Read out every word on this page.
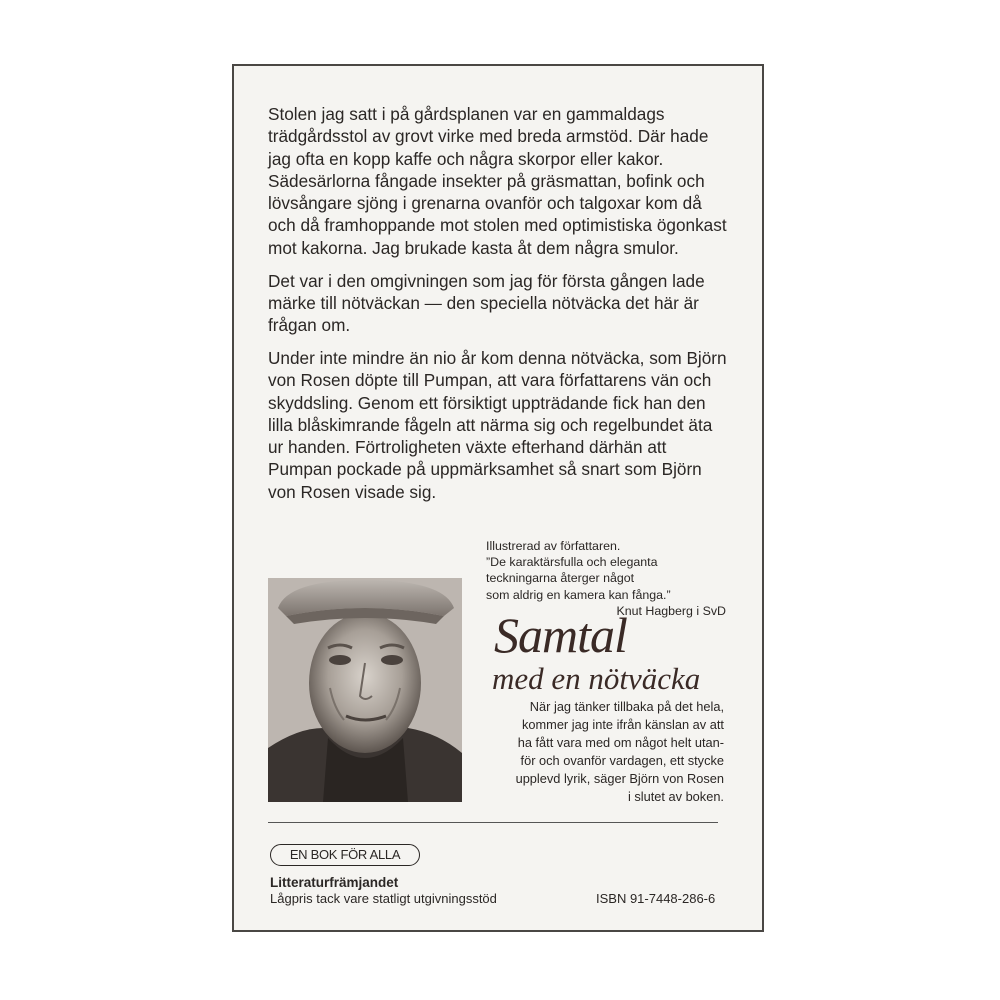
Stolen jag satt i på gårdsplanen var en gammaldags trädgårdsstol av grovt virke med breda armstöd. Där hade jag ofta en kopp kaffe och några skorpor eller kakor. Sädesärlorna fångade insekter på gräsmattan, bofink och lövsångare sjöng i grenarna ovanför och talgoxar kom då och då framhoppande mot stolen med optimistiska ögonkast mot kakorna. Jag brukade kasta åt dem några smulor.

Det var i den omgivningen som jag för första gången lade märke till nötväckan — den speciella nötväcka det här är frågan om.

Under inte mindre än nio år kom denna nötväcka, som Björn von Rosen döpte till Pumpan, att vara författarens vän och skyddsling. Genom ett försiktigt uppträdande fick han den lilla blåskimrande fågeln att närma sig och regelbundet äta ur handen. Förtroligheten växte efterhand därhän att Pumpan pockade på uppmärksamhet så snart som Björn von Rosen visade sig.

Illustrerad av författaren.
”De karaktärsfulla och eleganta
teckningarna återger något
som aldrig en kamera kan fånga.”
Knut Hagberg i SvD
Samtal
med en nötväcka
När jag tänker tillbaka på det hela,
kommer jag inte ifrån känslan av att
ha fått vara med om något helt utan-
för och ovanför vardagen, ett stycke
upplevd lyrik, säger Björn von Rosen
i slutet av boken.
EN BOK FÖR ALLA
Litteraturfrämjandet
Lågpris tack vare statligt utgivningsstöd	ISBN 91-7448-286-6
